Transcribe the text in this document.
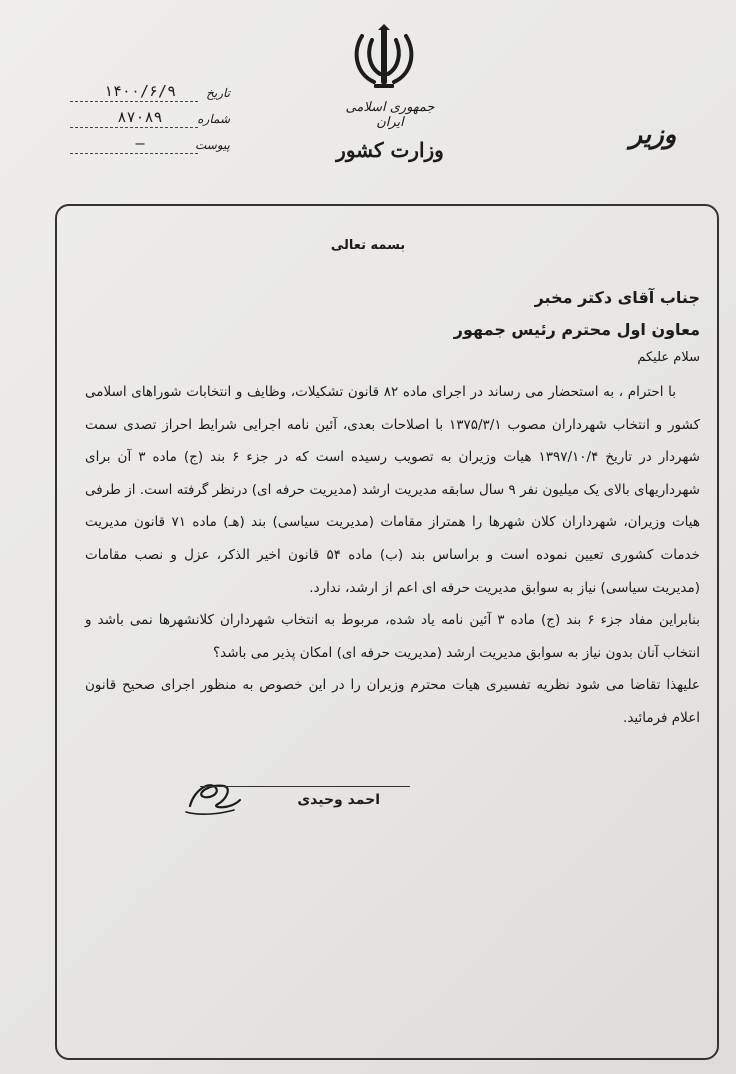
جمهوری اسلامی ایران
وزارت کشور	وزیر
تاریخ
۱۴۰۰/۶/۹
شماره
۸۷۰۸۹
پیوست
—
بسمه تعالی
جناب آقای دکتر مخبر
معاون اول محترم رئیس جمهور
سلام علیکم

با احترام ، به استحضار می رساند در اجرای ماده ۸۲ قانون تشکیلات، وظایف و انتخابات شوراهای اسلامی کشور و انتخاب شهرداران مصوب ۱۳۷۵/۳/۱ با اصلاحات بعدی، آئین نامه اجرایی شرایط احراز تصدی سمت شهردار در تاریخ ۱۳۹۷/۱۰/۴ هیات وزیران به تصویب رسیده است که در جزء ۶ بند (ج) ماده ۳ آن برای شهرداریهای بالای یک میلیون نفر ۹ سال سابقه مدیریت ارشد (مدیریت حرفه ای) درنظر گرفته است. از طرفی هیات وزیران، شهرداران کلان شهرها را همتراز مقامات (مدیریت سیاسی) بند (هـ) ماده ۷۱ قانون مدیریت خدمات کشوری تعیین نموده است و براساس بند (ب) ماده ۵۴ قانون اخیر الذکر، عزل و نصب مقامات (مدیریت سیاسی) نیاز به سوابق مدیریت حرفه ای اعم از ارشد، ندارد.

بنابراین مفاد جزء ۶ بند (ج) ماده ۳ آئین نامه یاد شده، مربوط به انتخاب شهرداران کلانشهرها نمی باشد و انتخاب آنان بدون نیاز به سوابق مدیریت ارشد (مدیریت حرفه ای) امکان پذیر می باشد؟

علیهذا تقاضا می شود نظریه تفسیری هیات محترم وزیران را در این خصوص به منظور اجرای صحیح قانون اعلام فرمائید.

احمد وحیدی
